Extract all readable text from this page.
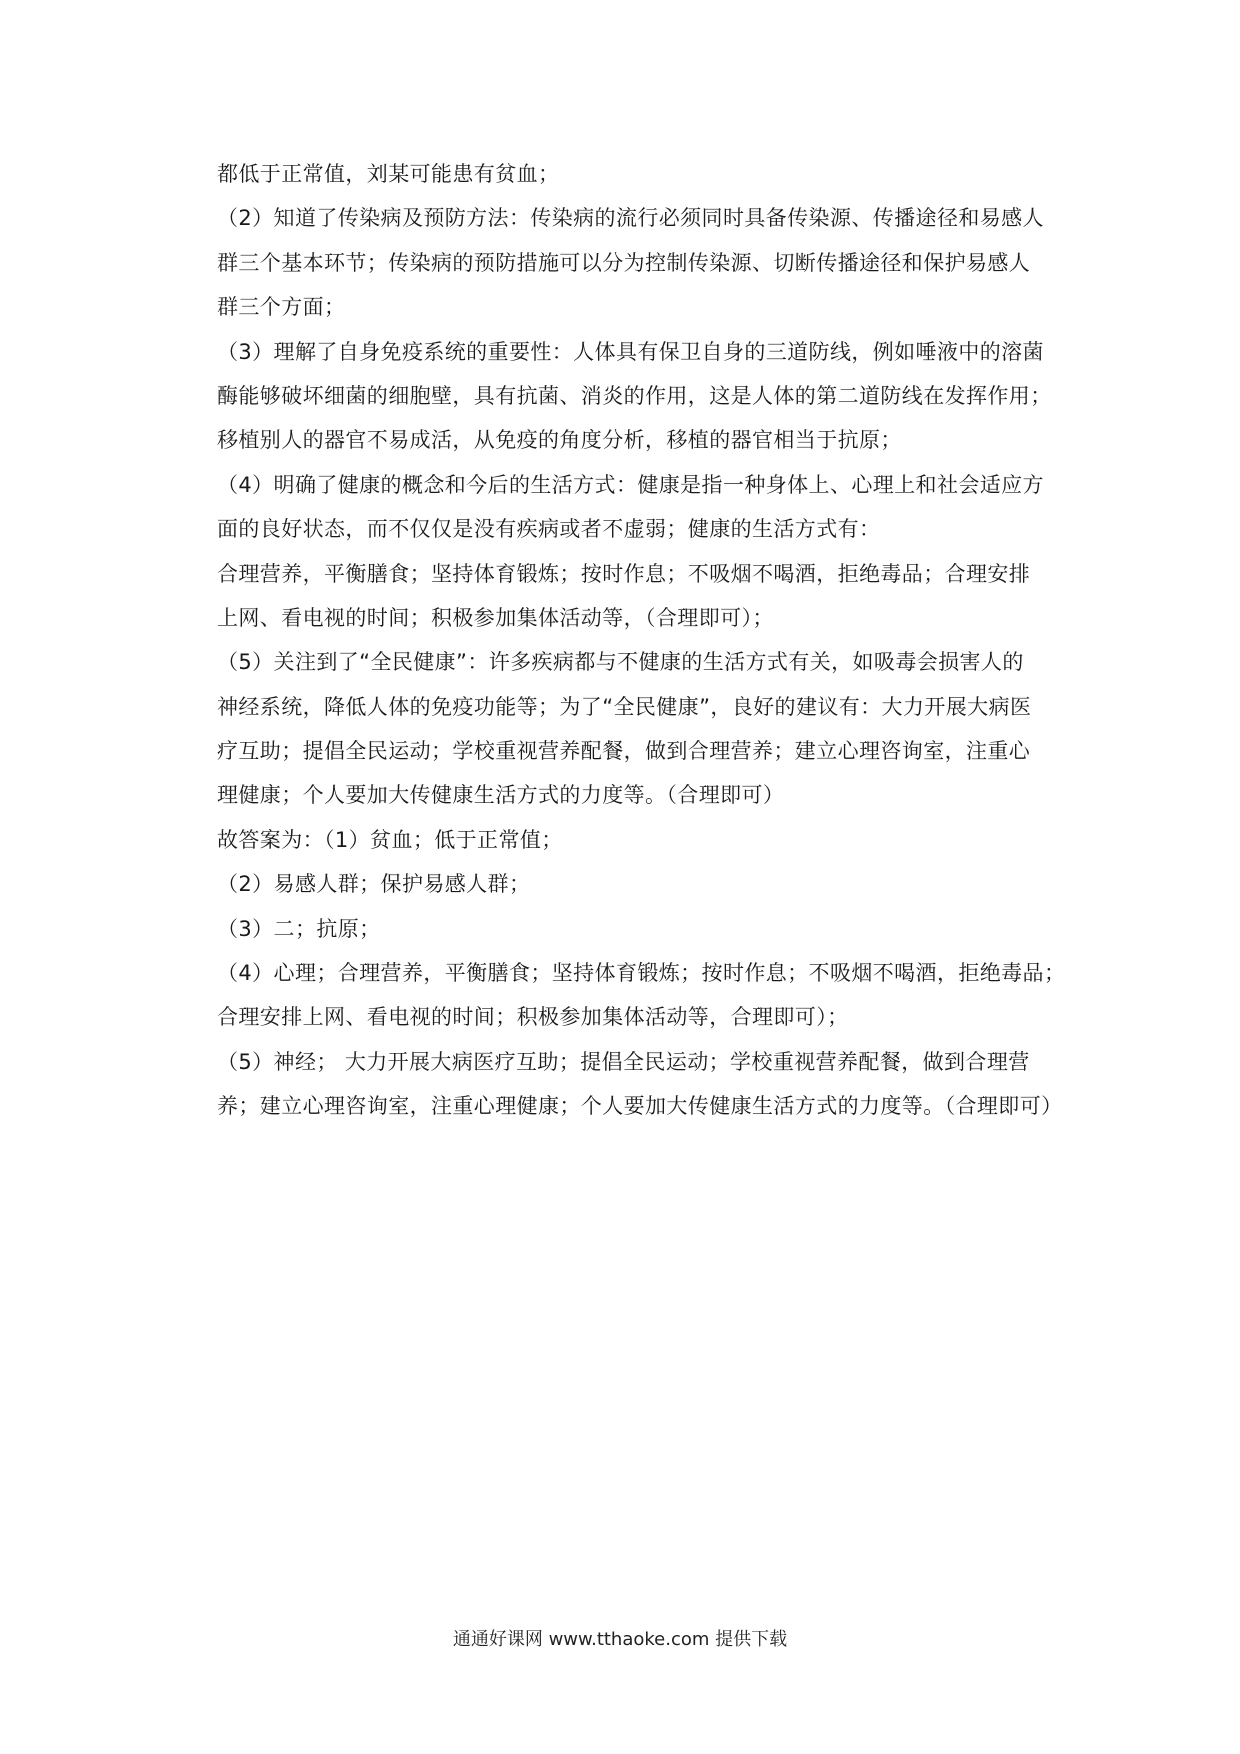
都低于正常值，刘某可能患有贫血；
（2）知道了传染病及预防方法：传染病的流行必须同时具备传染源、传播途径和易感人
群三个基本环节；传染病的预防措施可以分为控制传染源、切断传播途径和保护易感人
群三个方面；
（3）理解了自身免疫系统的重要性：人体具有保卫自身的三道防线，例如唾液中的溶菌
酶能够破坏细菌的细胞壁，具有抗菌、消炎的作用，这是人体的第二道防线在发挥作用；
移植别人的器官不易成活，从免疫的角度分析，移植的器官相当于抗原；
（4）明确了健康的概念和今后的生活方式：健康是指一种身体上、心理上和社会适应方
面的良好状态，而不仅仅是没有疾病或者不虚弱；健康的生活方式有：
合理营养，平衡膳食；坚持体育锻炼；按时作息；不吸烟不喝酒，拒绝毒品；合理安排
上网、看电视的时间；积极参加集体活动等，（合理即可）；
（5）关注到了“全民健康”：许多疾病都与不健康的生活方式有关，如吸毒会损害人的
神经系统，降低人体的免疫功能等；为了“全民健康”，良好的建议有：大力开展大病医
疗互助；提倡全民运动；学校重视营养配餐，做到合理营养；建立心理咨询室，注重心
理健康；个人要加大传健康生活方式的力度等。（合理即可）
故答案为：（1）贫血；低于正常值；
（2）易感人群；保护易感人群；
（3）二；抗原；
（4）心理；合理营养，平衡膳食；坚持体育锻炼；按时作息；不吸烟不喝酒，拒绝毒品；
合理安排上网、看电视的时间；积极参加集体活动等，合理即可）；
（5）神经； 大力开展大病医疗互助；提倡全民运动；学校重视营养配餐，做到合理营
养；建立心理咨询室，注重心理健康；个人要加大传健康生活方式的力度等。（合理即可）
通通好课网 www.tthaoke.com 提供下载
